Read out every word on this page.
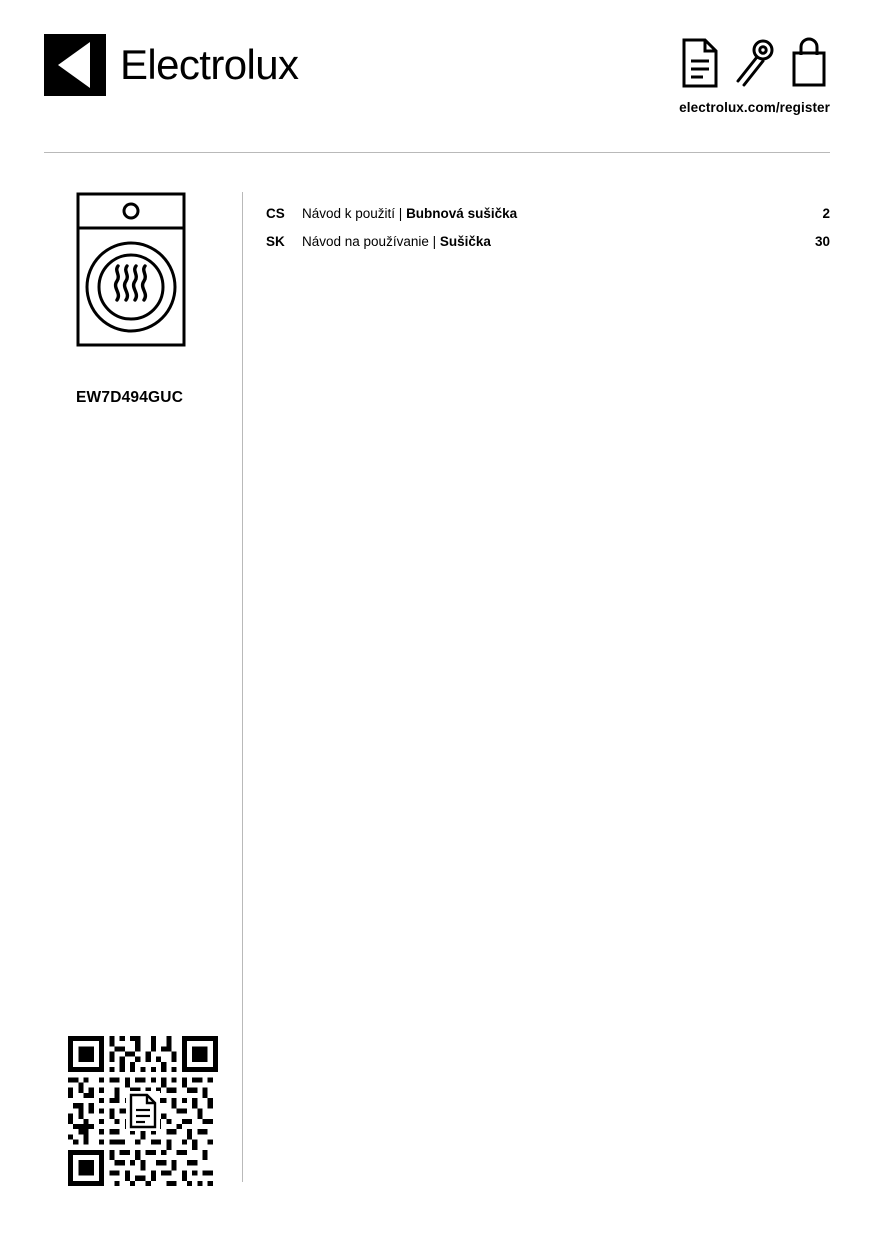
Electrolux
electrolux.com/register
EW7D494GUC
CS	Návod k použití | Bubnová sušička	2
SK	Návod na používanie | Sušička	30
